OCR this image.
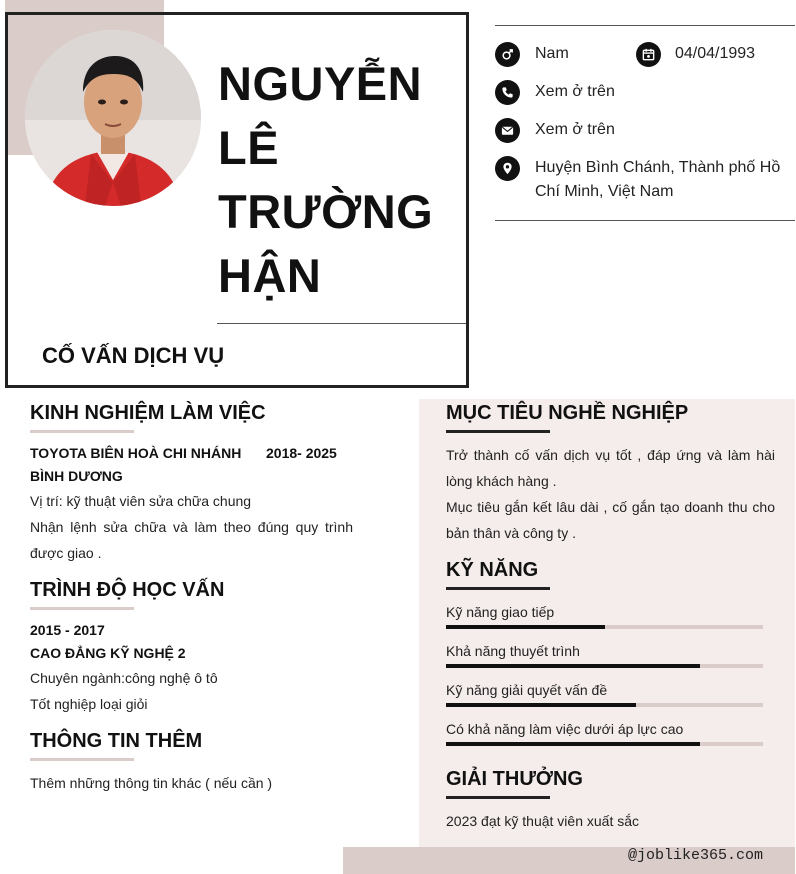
NGUYỄN
LÊ
TRƯỜNG
HẬN
CỐ VẤN DỊCH VỤ
Nam	04/04/1993
Xem ở trên
Xem ở trên
Huyện Bình Chánh, Thành phố Hồ Chí Minh, Việt Nam
KINH NGHIỆM LÀM VIỆC
TOYOTA BIÊN HOÀ CHI NHÁNH 2018- 2025
BÌNH DƯƠNG
Vị trí: kỹ thuật viên sửa chữa chung
Nhận lệnh sửa chữa và làm theo đúng quy trình được giao .
TRÌNH ĐỘ HỌC VẤN
2015 - 2017
CAO ĐẲNG KỸ NGHỆ 2
Chuyên ngành:công nghệ ô tô
Tốt nghiệp loại giỏi
THÔNG TIN THÊM
Thêm những thông tin khác ( nếu cần )
MỤC TIÊU NGHỀ NGHIỆP
Trở thành cố vấn dịch vụ tốt , đáp ứng và làm hài lòng khách hàng .
Mục tiêu gắn kết lâu dài , cố gắn tạo doanh thu cho bản thân và công ty .
KỸ NĂNG
Kỹ năng giao tiếp
Khả năng thuyết trình
Kỹ năng giải quyết vấn đề
Có khả năng làm việc dưới áp lực cao
GIẢI THƯỞNG
2023 đạt kỹ thuật viên xuất sắc
@joblike365.com
